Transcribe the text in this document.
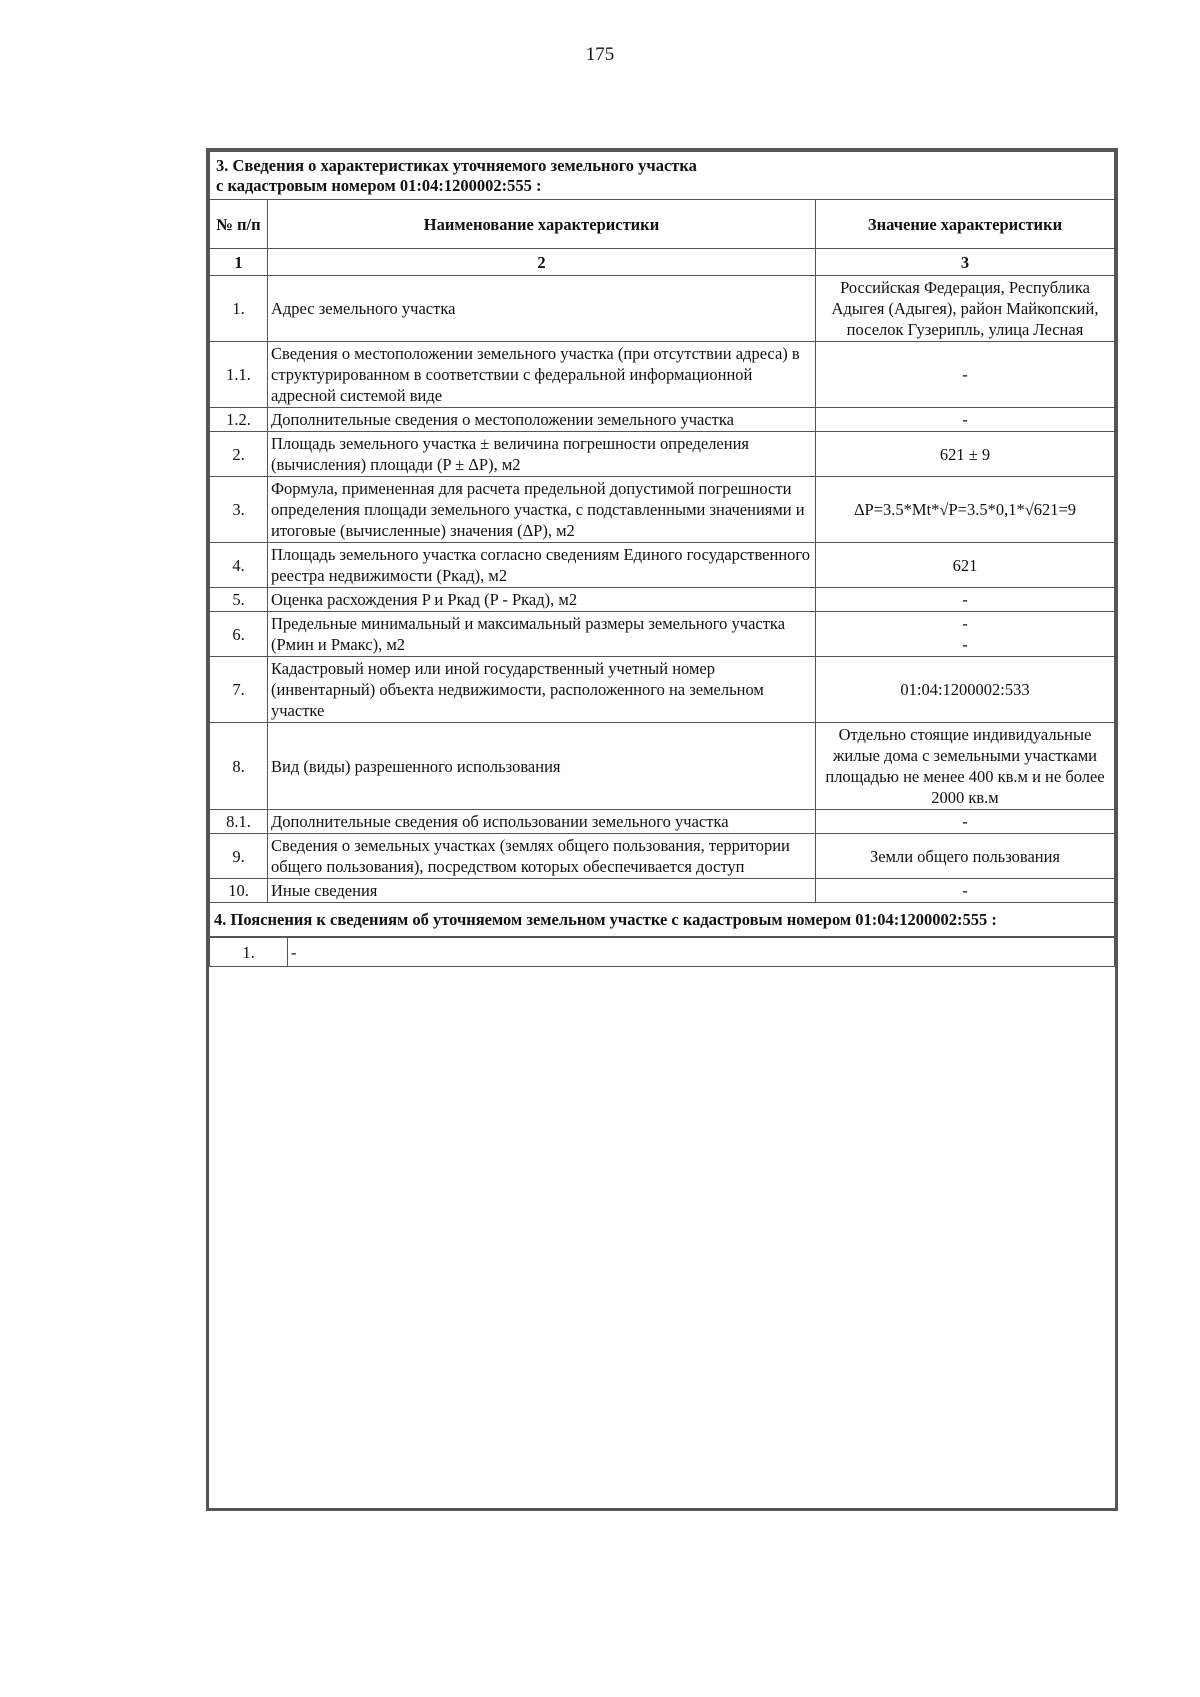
175
3. Сведения о характеристиках уточняемого земельного участка
с кадастровым номером 01:04:1200002:555 :		

№ п/п	Наименование характеристики	Значение характеристики
1	2	3
1.	Адрес земельного участка	Российская Федерация, Республика Адыгея (Адыгея), район Майкопский, поселок Гузерипль, улица Лесная
1.1.	Сведения о местоположении земельного участка (при отсутствии адреса) в структурированном в соответствии с федеральной информационной адресной системой виде	-
1.2.	Дополнительные сведения о местоположении земельного участка	-
2.	Площадь земельного участка ± величина погрешности определения (вычисления) площади (P ± ΔP), м2	621 ± 9
3.	Формула, примененная для расчета предельной допустимой погрешности определения площади земельного участка, с подставленными значениями и итоговые (вычисленные) значения (ΔP), м2	ΔP=3.5*Mt*√P=3.5*0,1*√621=9
4.	Площадь земельного участка согласно сведениям Единого государственного реестра недвижимости (Ркад), м2	621
5.	Оценка расхождения P и Ркад (P - Ркад), м2	-
6.	Предельные минимальный и максимальный размеры земельного участка (Рмин и Рмакс), м2	-
-

7.	Кадастровый номер или иной государственный учетный номер (инвентарный) объекта недвижимости, расположенного на земельном участке	01:04:1200002:533
8.	Вид (виды) разрешенного использования	Отдельно стоящие индивидуальные жилые дома с земельными участками площадью не менее 400 кв.м и не более 2000 кв.м
8.1.	Дополнительные сведения об использовании земельного участка	-
9.	Сведения о земельных участках (землях общего пользования, территории общего пользования), посредством которых обеспечивается доступ	Земли общего пользования
10.	Иные сведения	-
4. Пояснения к сведениям об уточняемом земельном участке с кадастровым номером 01:04:1200002:555 :		
1.	-
